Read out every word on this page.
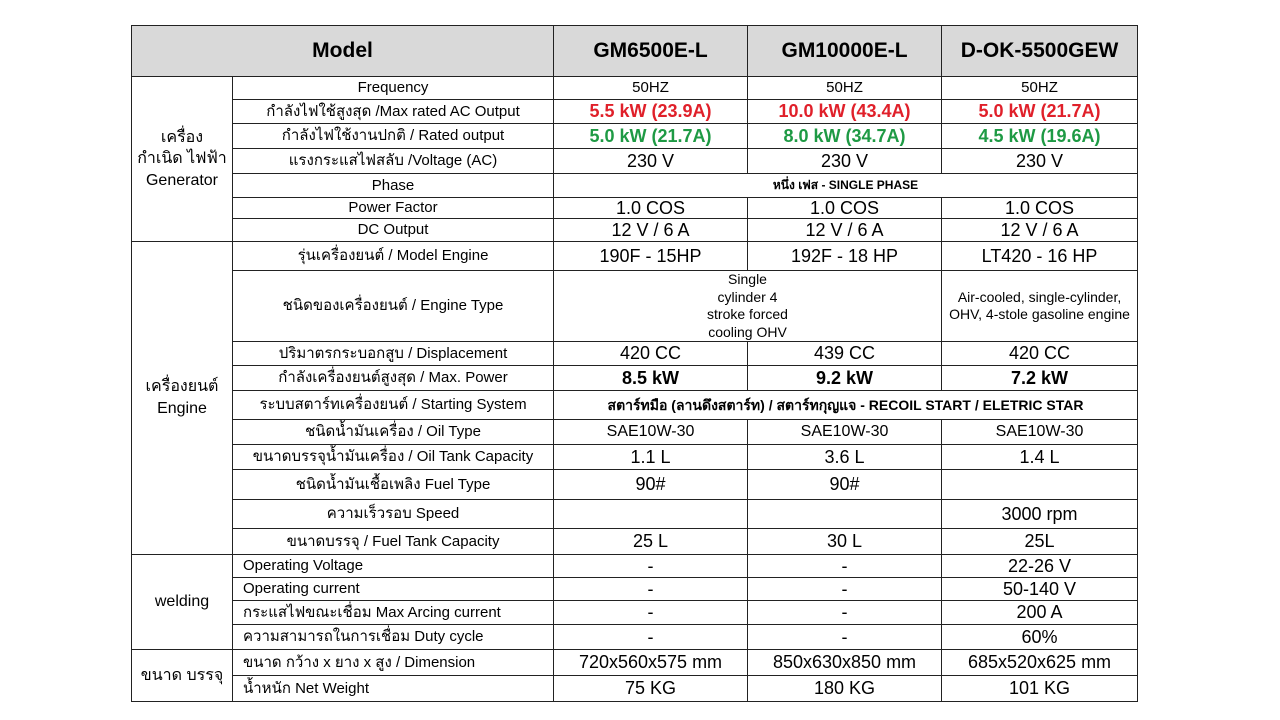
Model		GM6500E-L	GM10000E-L	D-OK-5500GEW
เครื่อง กำเนิด ไฟฟ้า Generator	Frequency	50HZ	50HZ	50HZ
	กำลังไฟใช้สูงสุด /Max rated AC Output	5.5 kW (23.9A)	10.0 kW (43.4A)	5.0 kW (21.7A)
	กำลังไฟใช้งานปกติ / Rated output	5.0 kW (21.7A)	8.0 kW (34.7A)	4.5 kW (19.6A)
	แรงกระแสไฟสลับ /Voltage (AC)	230 V	230 V	230 V
	Phase	หนึ่ง เฟส - SINGLE PHASE		
	Power Factor	1.0 COS	1.0 COS	1.0 COS
	DC Output	12 V / 6 A	12 V / 6 A	12 V / 6 A
เครื่องยนต์ Engine	รุ่นเครื่องยนต์ / Model Engine	190F - 15HP	192F - 18 HP	LT420 - 16 HP
	ชนิดของเครื่องยนต์ / Engine Type	Single cylinder 4 stroke forced cooling OHV		Air-cooled, single-cylinder, OHV, 4-stole gasoline engine
	ปริมาตรกระบอกสูบ / Displacement	420 CC	439 CC	420 CC
	กำลังเครื่องยนต์สูงสุด / Max. Power	8.5 kW	9.2 kW	7.2 kW
	ระบบสตาร์ทเครื่องยนต์ / Starting System	สตาร์ทมือ (ลานดึงสตาร์ท) / สตาร์ทกุญแจ - RECOIL START / ELETRIC STAR		
	ชนิดน้ำมันเครื่อง / Oil Type	SAE10W-30	SAE10W-30	SAE10W-30
	ขนาดบรรจุน้ำมันเครื่อง / Oil Tank Capacity	1.1 L	3.6 L	1.4 L
	ชนิดน้ำมันเชื้อเพลิง Fuel Type	90#	90#	
	ความเร็วรอบ Speed			3000 rpm
	ขนาดบรรจุ / Fuel Tank Capacity	25 L	30 L	25L
welding	Operating Voltage	-	-	22-26 V
	Operating current	-	-	50-140 V
	กระแสไฟขณะเชื่อม Max Arcing current	-	-	200 A
	ความสามารถในการเชื่อม Duty cycle	-	-	60%
ขนาด บรรจุ	ขนาด กว้าง x ยาง x สูง / Dimension	720x560x575 mm	850x630x850 mm	685x520x625 mm
	น้ำหนัก Net Weight	75 KG	180 KG	101 KG
